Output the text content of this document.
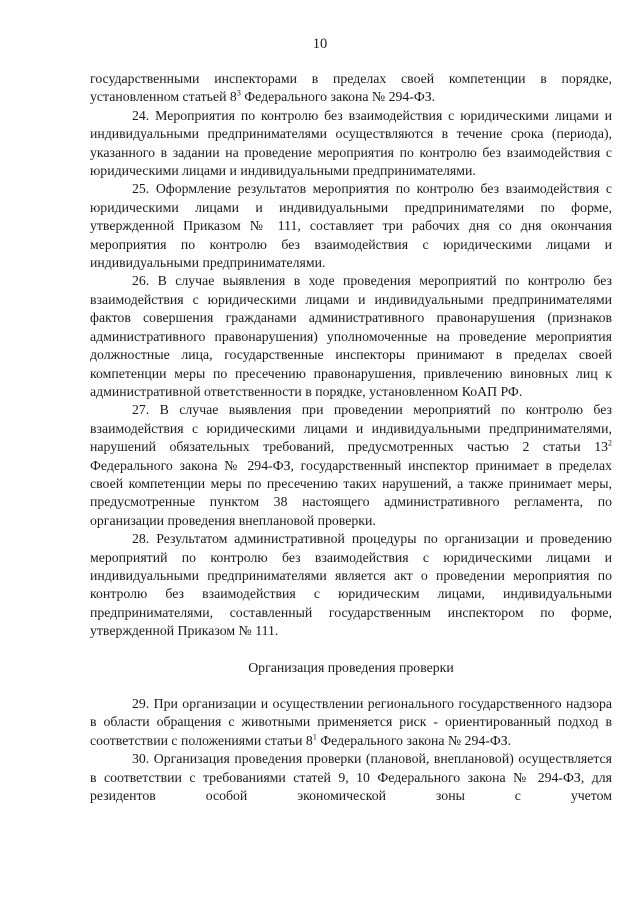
10

государственными инспекторами в пределах своей компетенции в порядке, установленном статьей $8^3$ Федерального закона № 294-ФЗ.

24. Мероприятия по контролю без взаимодействия с юридическими лицами и индивидуальными предпринимателями осуществляются в течение срока (периода), указанного в задании на проведение мероприятия по контролю без взаимодействия с юридическими лицами и индивидуальными предпринимателями.

25. Оформление результатов мероприятия по контролю без взаимодействия с юридическими лицами и индивидуальными предпринимателями по форме, утвержденной Приказом № 111, составляет три рабочих дня со дня окончания мероприятия по контролю без взаимодействия с юридическими лицами и индивидуальными предпринимателями.

26. В случае выявления в ходе проведения мероприятий по контролю без взаимодействия с юридическими лицами и индивидуальными предпринимателями фактов совершения гражданами административного правонарушения (признаков административного правонарушения) уполномоченные на проведение мероприятия должностные лица, государственные инспекторы принимают в пределах своей компетенции меры по пресечению правонарушения, привлечению виновных лиц к административной ответственности в порядке, установленном КоАП РФ.

27. В случае выявления при проведении мероприятий по контролю без взаимодействия с юридическими лицами и индивидуальными предпринимателями, нарушений обязательных требований, предусмотренных частью 2 статьи $13^2$ Федерального закона № 294-ФЗ, государственный инспектор принимает в пределах своей компетенции меры по пресечению таких нарушений, а также принимает меры, предусмотренные пунктом 38 настоящего административного регламента, по организации проведения внеплановой проверки.

28. Результатом административной процедуры по организации и проведению мероприятий по контролю без взаимодействия с юридическими лицами и индивидуальными предпринимателями является акт о проведении мероприятия по контролю без взаимодействия с юридическим лицами, индивидуальными предпринимателями, составленный государственным инспектором по форме, утвержденной Приказом № 111.

Организация проведения проверки

29. При организации и осуществлении регионального государственного надзора в области обращения с животными применяется риск - ориентированный подход в соответствии с положениями статьи $8^1$ Федерального закона № 294-ФЗ.

30. Организация проведения проверки (плановой, внеплановой) осуществляется в соответствии с требованиями статей 9, 10 Федерального закона № 294-ФЗ, для резидентов особой экономической зоны с учетом
